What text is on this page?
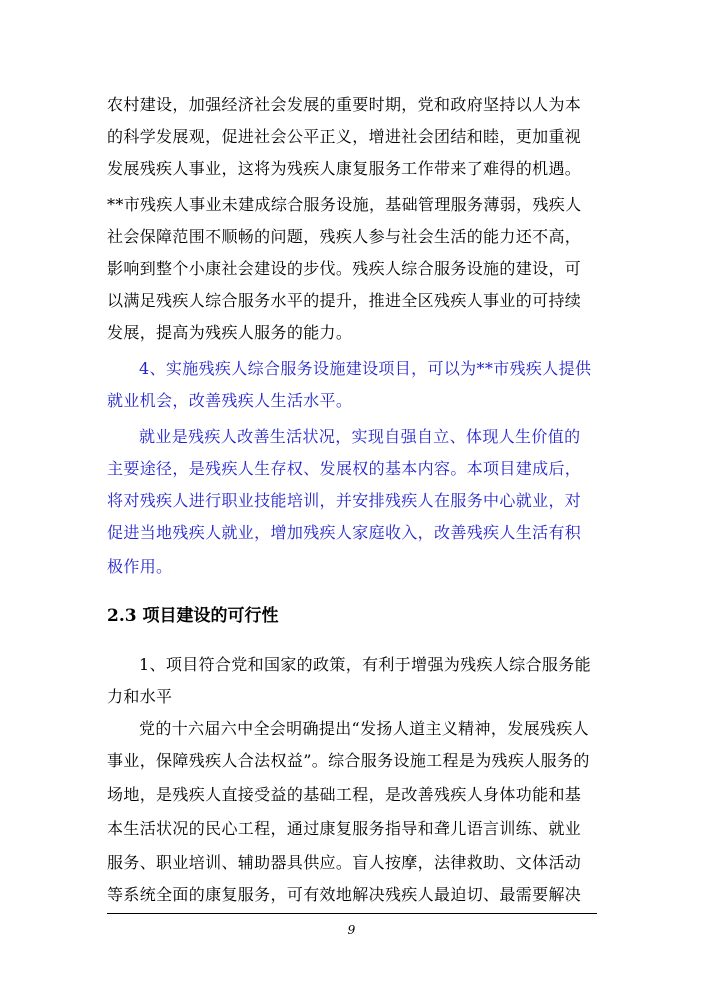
农村建设，加强经济社会发展的重要时期，党和政府坚持以人为本
的科学发展观，促进社会公平正义，增进社会团结和睦，更加重视
发展残疾人事业，这将为残疾人康复服务工作带来了难得的机遇。
**市残疾人事业未建成综合服务设施，基础管理服务薄弱，残疾人
社会保障范围不顺畅的问题，残疾人参与社会生活的能力还不高，
影响到整个小康社会建设的步伐。残疾人综合服务设施的建设，可
以满足残疾人综合服务水平的提升，推进全区残疾人事业的可持续
发展，提高为残疾人服务的能力。
4、实施残疾人综合服务设施建设项目，可以为**市残疾人提供
就业机会，改善残疾人生活水平。
就业是残疾人改善生活状况，实现自强自立、体现人生价值的
主要途径，是残疾人生存权、发展权的基本内容。本项目建成后，
将对残疾人进行职业技能培训，并安排残疾人在服务中心就业，对
促进当地残疾人就业，增加残疾人家庭收入，改善残疾人生活有积
极作用。
2.3 项目建设的可行性
1、项目符合党和国家的政策，有利于增强为残疾人综合服务能
力和水平
党的十六届六中全会明确提出“发扬人道主义精神，发展残疾人
事业，保障残疾人合法权益”。综合服务设施工程是为残疾人服务的
场地，是残疾人直接受益的基础工程，是改善残疾人身体功能和基
本生活状况的民心工程，通过康复服务指导和聋儿语言训练、就业
服务、职业培训、辅助器具供应。盲人按摩，法律救助、文体活动
等系统全面的康复服务，可有效地解决残疾人最迫切、最需要解决
9
